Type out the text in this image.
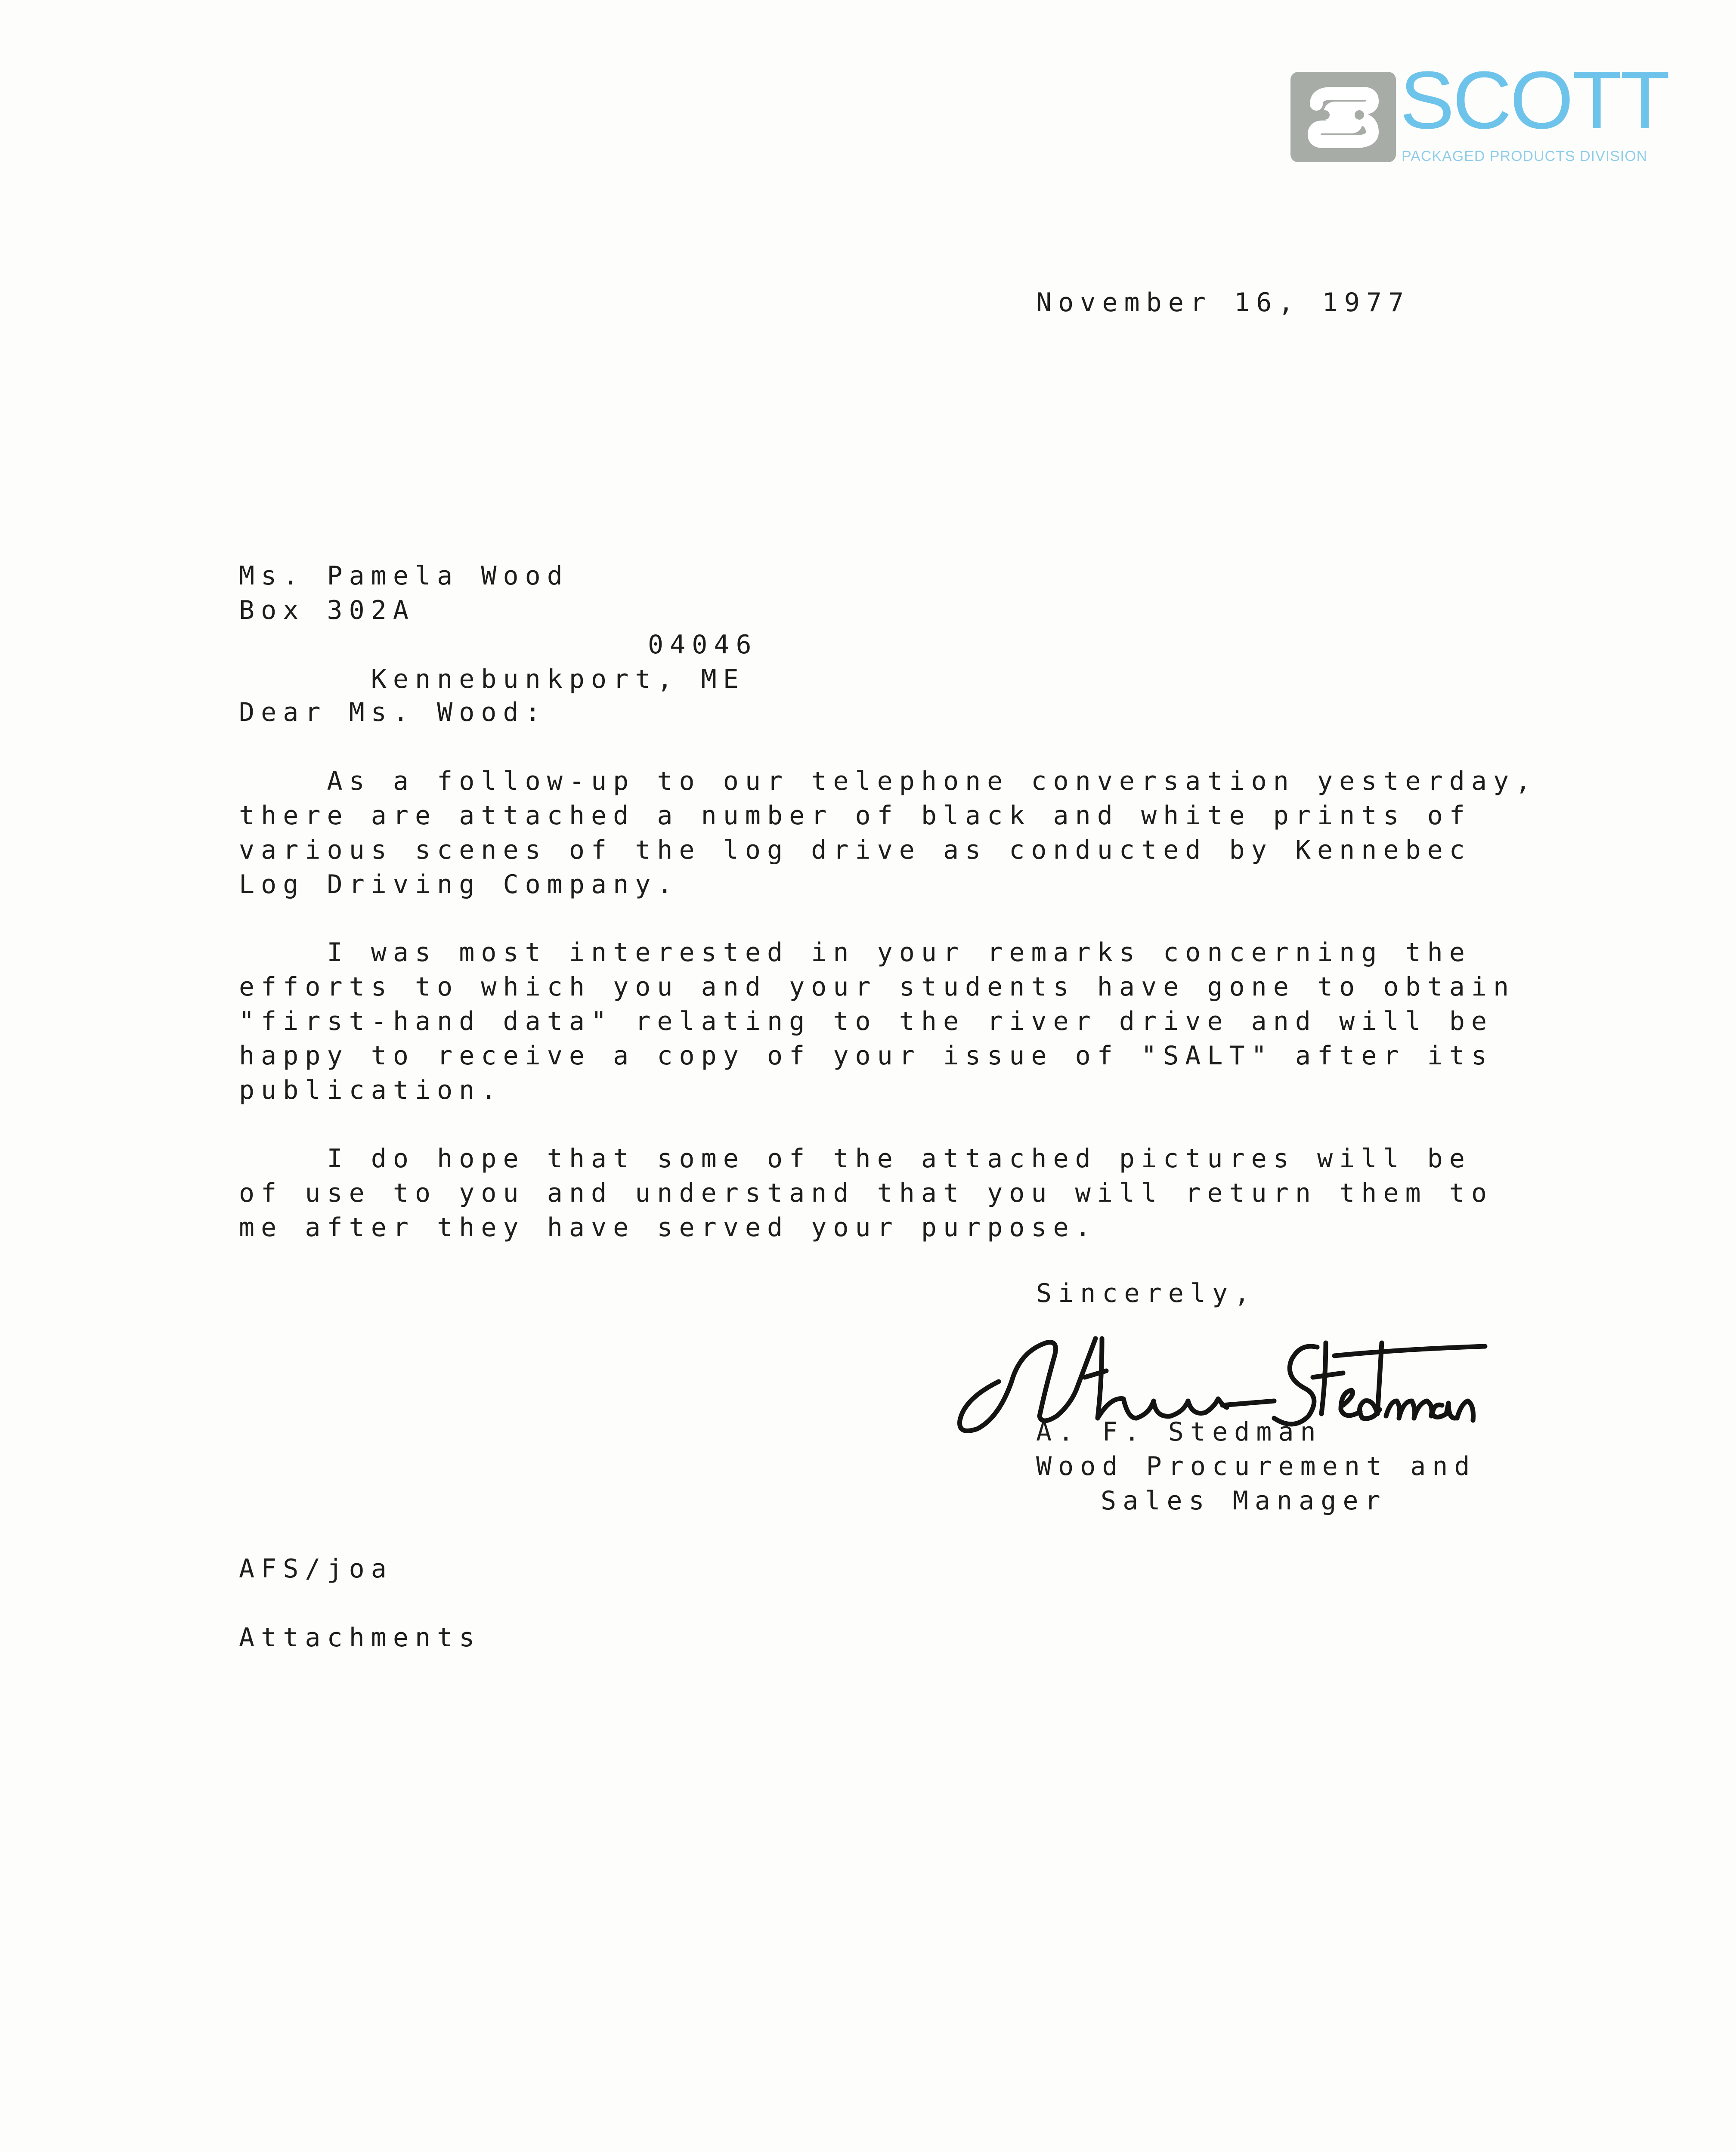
SCOTT
PACKAGED PRODUCTS DIVISION
November 16, 1977
Ms. Pamela Wood
Box 302A

Kennebunkport, ME

04046

Dear Ms. Wood:
As a follow-up to our telephone conversation yesterday,
there are attached a number of black and white prints of
various scenes of the log drive as conducted by Kennebec
Log Driving Company.
I was most interested in your remarks concerning the
efforts to which you and your students have gone to obtain
"first-hand data" relating to the river drive and will be
happy to receive a copy of your issue of "SALT" after its
publication.
I do hope that some of the attached pictures will be
of use to you and understand that you will return them to
me after they have served your purpose.
Sincerely,
A. F. Stedman
Wood Procurement and
Sales Manager
AFS/joa
Attachments
